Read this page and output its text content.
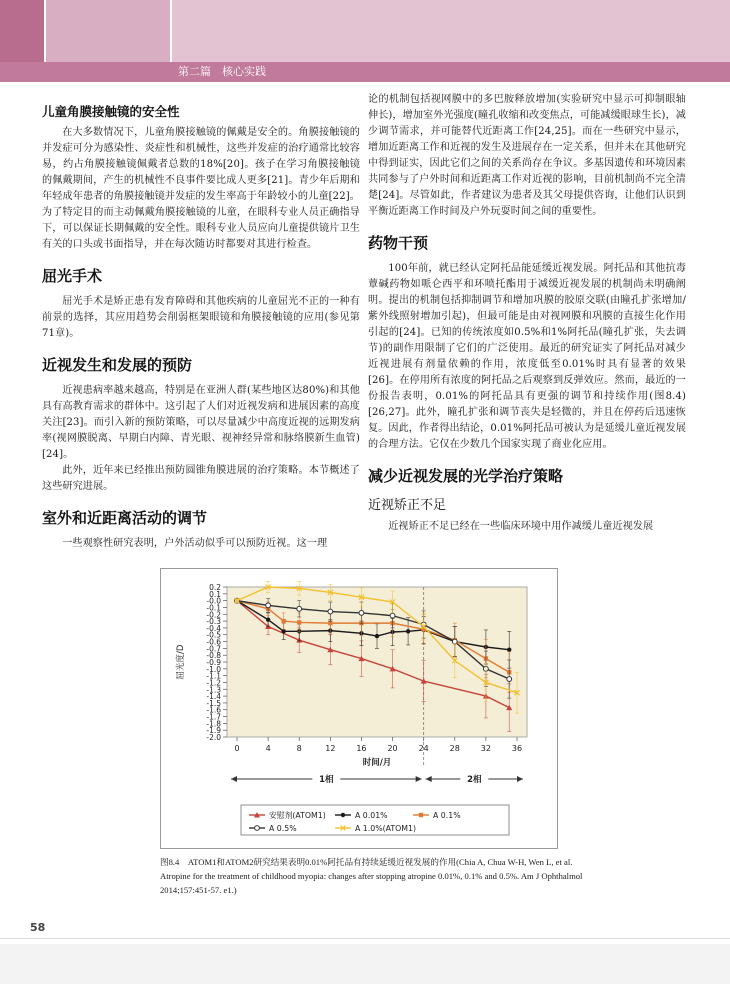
第二篇　核心实践
儿童角膜接触镜的安全性

在大多数情况下，儿童角膜接触镜的佩戴是安全的。角膜接触镜的并发症可分为感染性、炎症性和机械性，这些并发症的治疗通常比较容易，约占角膜接触镜佩戴者总数的18%[20]。孩子在学习角膜接触镜的佩戴期间，产生的机械性不良事件要比成人更多[21]。青少年后期和年轻成年患者的角膜接触镜并发症的发生率高于年龄较小的儿童[22]。为了特定目的而主动佩戴角膜接触镜的儿童，在眼科专业人员正确指导下，可以保证长期佩戴的安全性。眼科专业人员应向儿童提供镜片卫生有关的口头或书面指导，并在每次随访时都要对其进行检查。

屈光手术

屈光手术是矫正患有发育障碍和其他疾病的儿童屈光不正的一种有前景的选择，其应用趋势会削弱框架眼镜和角膜接触镜的应用(参见第71章)。

近视发生和发展的预防

近视患病率越来越高，特别是在亚洲人群(某些地区达80%)和其他具有高教育需求的群体中。这引起了人们对近视发病和进展因素的高度关注[23]。而引入新的预防策略，可以尽量减少中高度近视的远期发病率(视网膜脱离、早期白内障、青光眼、视神经异常和脉络膜新生血管)[24]。

此外，近年来已经推出预防圆锥角膜进展的治疗策略。本节概述了这些研究进展。

室外和近距离活动的调节

一些观察性研究表明，户外活动似乎可以预防近视。这一理

论的机制包括视网膜中的多巴胺释放增加(实验研究中显示可抑制眼轴伸长)，增加室外光强度(瞳孔收缩和改变焦点，可能减缓眼球生长)，减少调节需求，并可能替代近距离工作[24,25]。而在一些研究中显示，增加近距离工作和近视的发生及进展存在一定关系，但并未在其他研究中得到证实，因此它们之间的关系尚存在争议。多基因遗传和环境因素共同参与了户外时间和近距离工作对近视的影响，目前机制尚不完全清楚[24]。尽管如此，作者建议为患者及其父母提供咨询，让他们认识到平衡近距离工作时间及户外玩耍时间之间的重要性。

药物干预

100年前，就已经认定阿托品能延缓近视发展。阿托品和其他抗毒蕈碱药物如哌仑西平和环喷托酯用于减缓近视发展的机制尚未明确阐明。提出的机制包括抑制调节和增加巩膜的胶原交联(由瞳孔扩张增加/紫外线照射增加引起)，但最可能是由对视网膜和巩膜的直接生化作用引起的[24]。已知的传统浓度如0.5%和1%阿托品(瞳孔扩张，失去调节)的副作用限制了它们的广泛使用。最近的研究证实了阿托品对减少近视进展有剂量依赖的作用，浓度低至0.01%时具有显著的效果[26]。在停用所有浓度的阿托品之后观察到反弹效应。然而，最近的一份报告表明，0.01%的阿托品具有更强的调节和持续作用(图8.4)[26,27]。此外，瞳孔扩张和调节丧失是轻微的，并且在停药后迅速恢复。因此，作者得出结论，0.01%阿托品可被认为是延缓儿童近视发展的合理方法。它仅在少数几个国家实现了商业化应用。

减少近视发展的光学治疗策略
近视矫正不足

近视矫正不足已经在一些临床环境中用作减缓儿童近视发展

0.2
0.1
-0.0
-0.1
-0.2
-0.3
-0.4
-0.5
-0.6
-0.7
-0.8
-0.9
-1.0
-1.1
-1.2
-1.3
-1.4
-1.5
-1.6
-1.7
-1.8
-1.9
-2.0
0	4	8	12	16	20	24	28	32	36
时间/月
屈光度/D
1相	2相
安慰剂(ATOM1)	A 0.01%	A 0.1%
A 0.5%	A 1.0%(ATOM1)
图8.4　ATOM1和ATOM2研究结果表明0.01%阿托品有持续延缓近视发展的作用(Chia A, Chua W-H, Wen L, et al. Atropine for the treatment of childhood myopia: changes after stopping atropine 0.01%, 0.1% and 0.5%. Am J Ophthalmol 2014;157:451-57. e1.)
58
